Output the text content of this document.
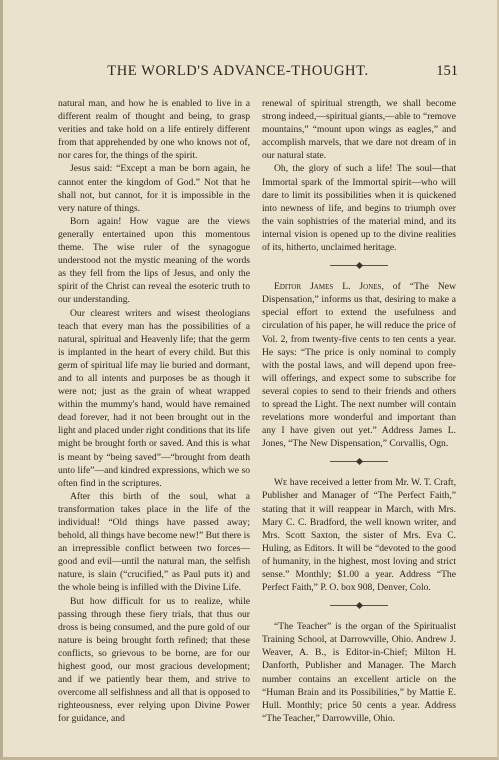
THE WORLD'S ADVANCE-THOUGHT.	151

natural man, and how he is enabled to live in a different realm of thought and being, to grasp verities and take hold on a life entirely different from that apprehended by one who knows not of, nor cares for, the things of the spirit.

Jesus said: “Except a man be born again, he cannot enter the kingdom of God.” Not that he shall not, but cannot, for it is impossible in the very nature of things.

Born again! How vague are the views generally entertained upon this momentous theme. The wise ruler of the synagogue understood not the mystic meaning of the words as they fell from the lips of Jesus, and only the spirit of the Christ can reveal the esoteric truth to our understanding.

Our clearest writers and wisest theologians teach that every man has the possibilities of a natural, spiritual and Heavenly life; that the germ is implanted in the heart of every child. But this germ of spiritual life may lie buried and dormant, and to all intents and purposes be as though it were not; just as the grain of wheat wrapped within the mummy's hand, would have remained dead forever, had it not been brought out in the light and placed under right conditions that its life might be brought forth or saved. And this is what is meant by “being saved”—“brought from death unto life”—and kindred expressions, which we so often find in the scriptures.

After this birth of the soul, what a transformation takes place in the life of the individual! “Old things have passed away; behold, all things have become new!” But there is an irrepressible conflict between two forces—good and evil—until the natural man, the selfish nature, is slain (“crucified,” as Paul puts it) and the whole being is infilled with the Divine Life.

But how difficult for us to realize, while passing through these fiery trials, that thus our dross is being consumed, and the pure gold of our nature is being brought forth refined; that these conflicts, so grievous to be borne, are for our highest good, our most gracious development; and if we patiently bear them, and strive to overcome all selfishness and all that is opposed to righteousness, ever relying upon Divine Power for guidance, and

renewal of spiritual strength, we shall become strong indeed,—spiritual giants,—able to “remove mountains,” “mount upon wings as eagles,” and accomplish marvels, that we dare not dream of in our natural state.

Oh, the glory of such a life! The soul—that Immortal spark of the Immortal spirit—who will dare to limit its possibilities when it is quickened into newness of life, and begins to triumph over the vain sophistries of the material mind, and its internal vision is opened up to the divine realities of its, hitherto, unclaimed heritage.

Editor James L. Jones, of “The New Dispensation,” informs us that, desiring to make a special effort to extend the usefulness and circulation of his paper, he will reduce the price of Vol. 2, from twenty-five cents to ten cents a year. He says: “The price is only nominal to comply with the postal laws, and will depend upon free-will offerings, and expect some to subscribe for several copies to send to their friends and others to spread the Light. The next number will contain revelations more wonderful and important than any I have given out yet.” Address James L. Jones, “The New Dispensation,” Corvallis, Ogn.

We have received a letter from Mr. W. T. Craft, Publisher and Manager of “The Perfect Faith,” stating that it will reappear in March, with Mrs. Mary C. C. Bradford, the well known writer, and Mrs. Scott Saxton, the sister of Mrs. Eva C. Huling, as Editors. It will be “devoted to the good of humanity, in the highest, most loving and strict sense.” Monthly; $1.00 a year. Address “The Perfect Faith,” P. O. box 908, Denver, Colo.

“The Teacher” is the organ of the Spiritualist Training School, at Darrowville, Ohio. Andrew J. Weaver, A. B., is Editor-in-Chief; Milton H. Danforth, Publisher and Manager. The March number contains an excellent article on the “Human Brain and its Possibilities,” by Mattie E. Hull. Monthly; price 50 cents a year. Address “The Teacher,” Darrowville, Ohio.
